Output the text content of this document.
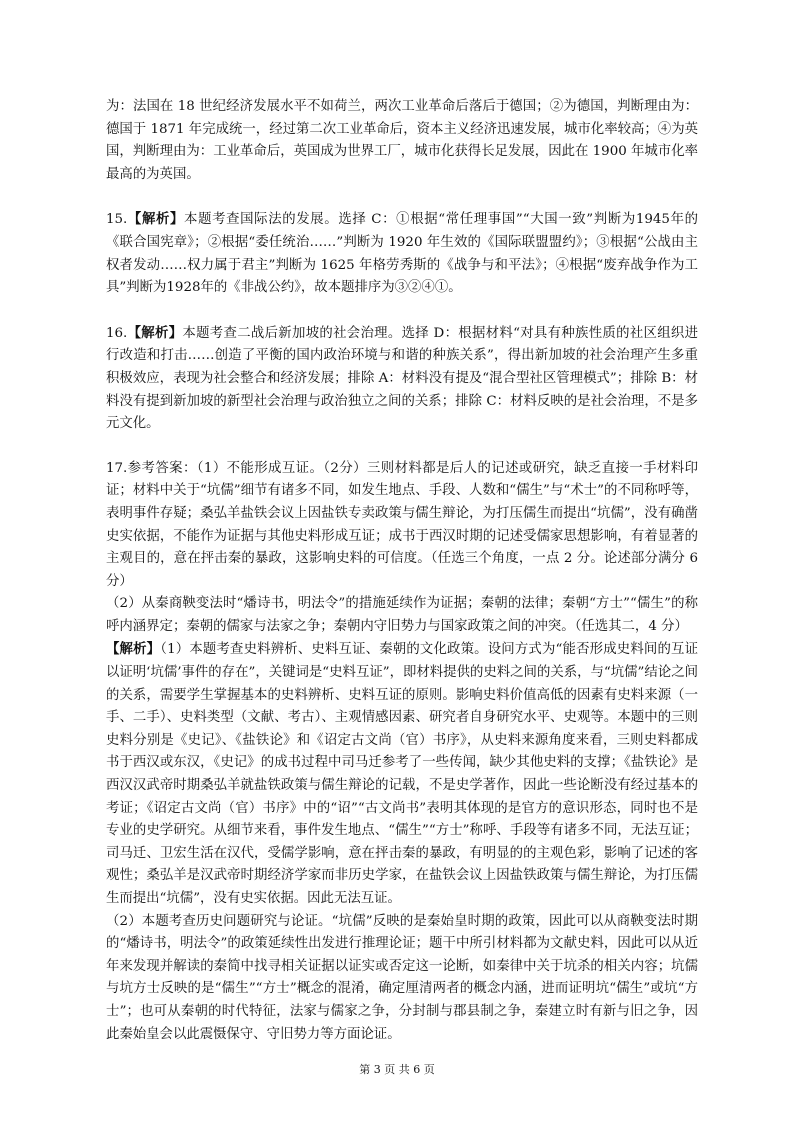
为：法国在 18 世纪经济发展水平不如荷兰，两次工业革命后落后于德国；②为德国，判断理由为：德国于 1871 年完成统一，经过第二次工业革命后，资本主义经济迅速发展，城市化率较高；④为英国，判断理由为：工业革命后，英国成为世界工厂，城市化获得长足发展，因此在 1900 年城市化率最高的为英国。

15.【解析】本题考查国际法的发展。选择 C：①根据“常任理事国”“大国一致”判断为1945年的《联合国宪章》；②根据“委任统治……”判断为 1920 年生效的《国际联盟盟约》；③根据“公战由主权者发动……权力属于君主”判断为 1625 年格劳秀斯的《战争与和平法》；④根据“废弃战争作为工具”判断为1928年的《非战公约》，故本题排序为③②④①。

16.【解析】本题考查二战后新加坡的社会治理。选择 D：根据材料“对具有种族性质的社区组织进行改造和打击……创造了平衡的国内政治环境与和谐的种族关系”，得出新加坡的社会治理产生多重积极效应，表现为社会整合和经济发展；排除 A：材料没有提及“混合型社区管理模式”；排除 B：材料没有提到新加坡的新型社会治理与政治独立之间的关系；排除 C：材料反映的是社会治理，不是多元文化。

17.参考答案：（1）不能形成互证。（2分）三则材料都是后人的记述或研究，缺乏直接一手材料印证；材料中关于“坑儒”细节有诸多不同，如发生地点、手段、人数和“儒生”与“术士”的不同称呼等，表明事件存疑；桑弘羊盐铁会议上因盐铁专卖政策与儒生辩论，为打压儒生而提出“坑儒”，没有确凿史实依据，不能作为证据与其他史料形成互证；成书于西汉时期的记述受儒家思想影响，有着显著的主观目的，意在抨击秦的暴政，这影响史料的可信度。（任选三个角度，一点 2 分。论述部分满分 6 分）

（2）从秦商鞅变法时“燔诗书，明法令”的措施延续作为证据；秦朝的法律；秦朝“方士”“儒生”的称呼内涵界定；秦朝的儒家与法家之争；秦朝内守旧势力与国家政策之间的冲突。（任选其二，4 分）

【解析】（1）本题考查史料辨析、史料互证、秦朝的文化政策。设问方式为“能否形成史料间的互证以证明‘坑儒’事件的存在”，关键词是“史料互证”，即材料提供的史料之间的关系，与“坑儒”结论之间的关系，需要学生掌握基本的史料辨析、史料互证的原则。影响史料价值高低的因素有史料来源（一手、二手）、史料类型（文献、考古）、主观情感因素、研究者自身研究水平、史观等。本题中的三则史料分别是《史记》、《盐铁论》和《诏定古文尚（官）书序》，从史料来源角度来看，三则史料都成书于西汉或东汉，《史记》的成书过程中司马迁参考了一些传闻，缺少其他史料的支撑；《盐铁论》是西汉汉武帝时期桑弘羊就盐铁政策与儒生辩论的记载，不是史学著作，因此一些论断没有经过基本的考证；《诏定古文尚（官）书序》中的“诏”“古文尚书”表明其体现的是官方的意识形态，同时也不是专业的史学研究。从细节来看，事件发生地点、“儒生”“方士”称呼、手段等有诸多不同，无法互证；司马迁、卫宏生活在汉代，受儒学影响，意在抨击秦的暴政，有明显的的主观色彩，影响了记述的客观性；桑弘羊是汉武帝时期经济学家而非历史学家，在盐铁会议上因盐铁政策与儒生辩论，为打压儒生而提出“坑儒”，没有史实依据。因此无法互证。

（2）本题考查历史问题研究与论证。“坑儒”反映的是秦始皇时期的政策，因此可以从商鞅变法时期的“燔诗书，明法令”的政策延续性出发进行推理论证；题干中所引材料都为文献史料，因此可以从近年来发现并解读的秦简中找寻相关证据以证实或否定这一论断，如秦律中关于坑杀的相关内容；坑儒与坑方士反映的是“儒生”“方士”概念的混淆，确定厘清两者的概念内涵，进而证明坑“儒生”或坑“方士”；也可从秦朝的时代特征，法家与儒家之争，分封制与郡县制之争，秦建立时有新与旧之争，因此秦始皇会以此震慑保守、守旧势力等方面论证。

第 3 页 共 6 页
